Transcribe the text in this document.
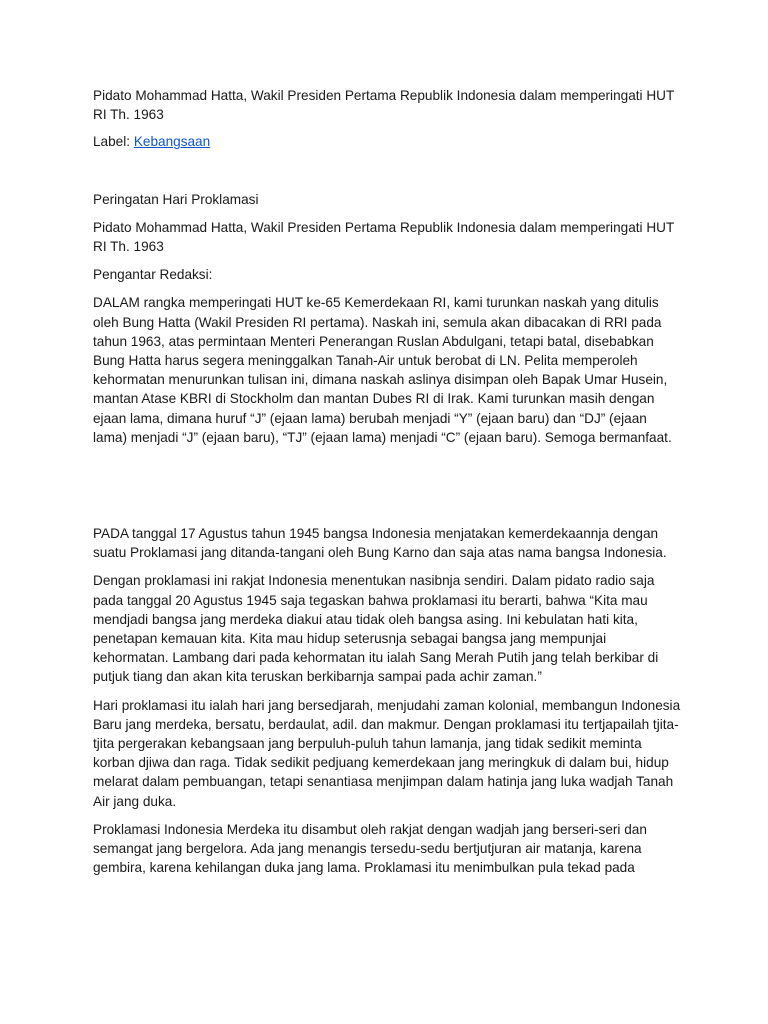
Pidato Mohammad Hatta, Wakil Presiden Pertama Republik Indonesia dalam memperingati HUT RI Th. 1963

Label: Kebangsaan

Peringatan Hari Proklamasi

Pidato Mohammad Hatta, Wakil Presiden Pertama Republik Indonesia dalam memperingati HUT RI Th. 1963

Pengantar Redaksi:

DALAM rangka memperingati HUT ke-65 Kemerdekaan RI, kami turunkan naskah yang ditulis oleh Bung Hatta (Wakil Presiden RI pertama). Naskah ini, semula akan dibacakan di RRI pada tahun 1963, atas permintaan Menteri Penerangan Ruslan Abdulgani, tetapi batal, disebabkan Bung Hatta harus segera meninggalkan Tanah-Air untuk berobat di LN. Pelita memperoleh kehormatan menurunkan tulisan ini, dimana naskah aslinya disimpan oleh Bapak Umar Husein, mantan Atase KBRI di Stockholm dan mantan Dubes RI di Irak. Kami turunkan masih dengan ejaan lama, dimana huruf “J” (ejaan lama) berubah menjadi “Y” (ejaan baru) dan “DJ” (ejaan lama) menjadi “J” (ejaan baru), “TJ” (ejaan lama) menjadi “C” (ejaan baru). Semoga bermanfaat.

PADA tanggal 17 Agustus tahun 1945 bangsa Indonesia menjatakan kemerdekaannja dengan suatu Proklamasi jang ditanda-tangani oleh Bung Karno dan saja atas nama bangsa Indonesia.

Dengan proklamasi ini rakjat Indonesia menentukan nasibnja sendiri. Dalam pidato radio saja pada tanggal 20 Agustus 1945 saja tegaskan bahwa proklamasi itu berarti, bahwa “Kita mau mendjadi bangsa jang merdeka diakui atau tidak oleh bangsa asing. Ini kebulatan hati kita, penetapan kemauan kita. Kita mau hidup seterusnja sebagai bangsa jang mempunjai kehormatan. Lambang dari pada kehormatan itu ialah Sang Merah Putih jang telah berkibar di putjuk tiang dan akan kita teruskan berkibarnja sampai pada achir zaman.”

Hari proklamasi itu ialah hari jang bersedjarah, menjudahi zaman kolonial, membangun Indonesia Baru jang merdeka, bersatu, berdaulat, adil. dan makmur. Dengan proklamasi itu tertjapailah tjita-tjita pergerakan kebangsaan jang berpuluh-puluh tahun lamanja, jang tidak sedikit meminta korban djiwa dan raga. Tidak sedikit pedjuang kemerdekaan jang meringkuk di dalam bui, hidup melarat dalam pembuangan, tetapi senantiasa menjimpan dalam hatinja jang luka wadjah Tanah Air jang duka.

Proklamasi Indonesia Merdeka itu disambut oleh rakjat dengan wadjah jang berseri-seri dan semangat jang bergelora. Ada jang menangis tersedu-sedu bertjutjuran air matanja, karena gembira, karena kehilangan duka jang lama. Proklamasi itu menimbulkan pula tekad pada
